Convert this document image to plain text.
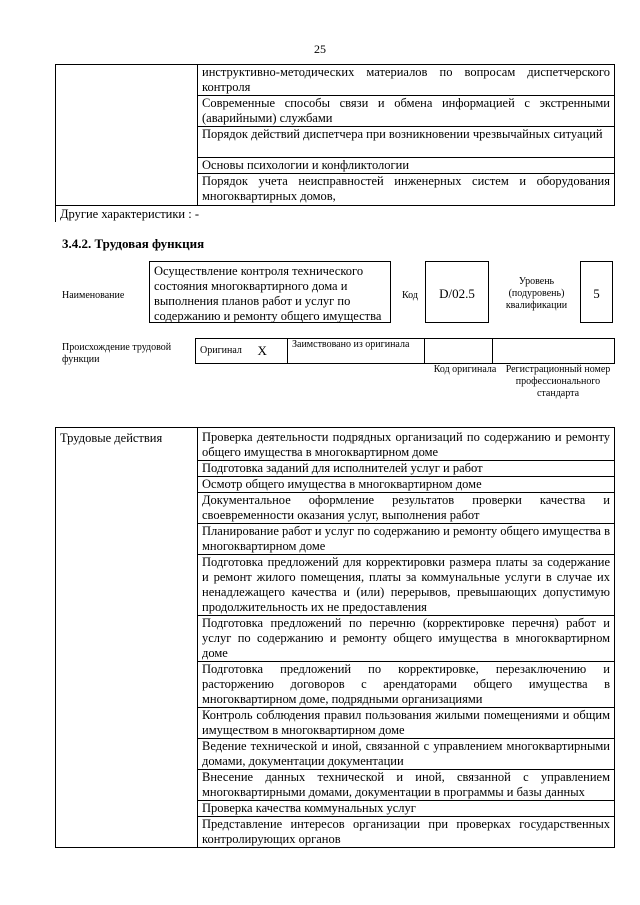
25
	инструктивно-методических материалов по вопросам диспетчерского контроля
Современные способы связи и обмена информацией с экстренными (аварийными) службами
Порядок действий диспетчера при возникновении чрезвычайных ситуаций
Основы психологии и конфликтологии
Порядок учета неисправностей инженерных систем и оборудования многоквартирных домов,
Другие характеристики : -
3.4.2. Трудовая функция
Наименование
Осуществление контроля технического состояния многоквартирного дома и выполнения планов работ и услуг по содержанию и ремонту общего имущества
Код	D/02.5
Уровень (подуровень) квалификации
5
Происхождение трудовой функции
Оригинал	X	Заимствовано из оригинала		
Код оригинала Регистрационный номер профессионального стандарта
Трудовые действия	Проверка деятельности подрядных организаций по содержанию и ремонту общего имущества в многоквартирном доме
Подготовка заданий для исполнителей услуг и работ
Осмотр общего имущества в многоквартирном доме
Документальное оформление результатов проверки качества и своевременности оказания услуг, выполнения работ
Планирование работ и услуг по содержанию и ремонту общего имущества в многоквартирном доме
Подготовка предложений для корректировки размера платы за содержание и ремонт жилого помещения, платы за коммунальные услуги в случае их ненадлежащего качества и (или) перерывов, превышающих допустимую продолжительность их не предоставления
Подготовка предложений по перечню (корректировке перечня) работ и услуг по содержанию и ремонту общего имущества в многоквартирном доме
Подготовка предложений по корректировке, перезаключению и расторжению договоров с арендаторами общего имущества в многоквартирном доме, подрядными организациями
Контроль соблюдения правил пользования жилыми помещениями и общим имуществом в многоквартирном доме
Ведение технической и иной, связанной с управлением многоквартирными домами, документации документации
Внесение данных технической и иной, связанной с управлением многоквартирными домами, документации в программы и базы данных
Проверка качества коммунальных услуг
Представление интересов организации при проверках государственных контролирующих органов
